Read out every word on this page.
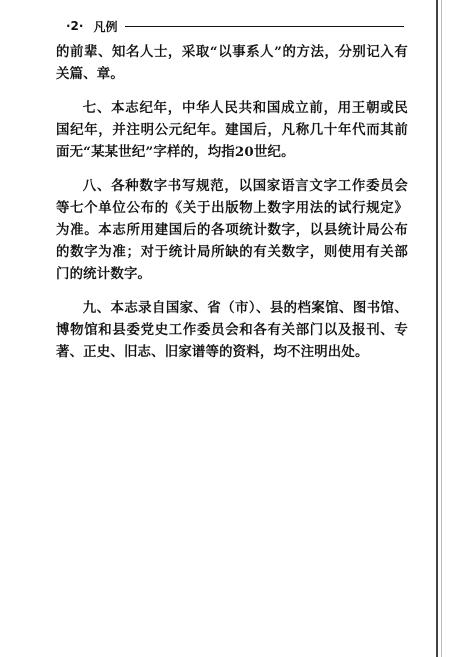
·2· 凡例

的前辈、知名人士，采取“以事系人”的方法，分别记入有关篇、章。

七、本志纪年，中华人民共和国成立前，用王朝或民国纪年，并注明公元纪年。建国后，凡称几十年代而其前面无“某某世纪”字样的，均指20世纪。

八、各种数字书写规范，以国家语言文字工作委员会等七个单位公布的《关于出版物上数字用法的试行规定》为准。本志所用建国后的各项统计数字，以县统计局公布的数字为准；对于统计局所缺的有关数字，则使用有关部门的统计数字。

九、本志录自国家、省（市）、县的档案馆、图书馆、博物馆和县委党史工作委员会和各有关部门以及报刊、专著、正史、旧志、旧家谱等的资料，均不注明出处。
